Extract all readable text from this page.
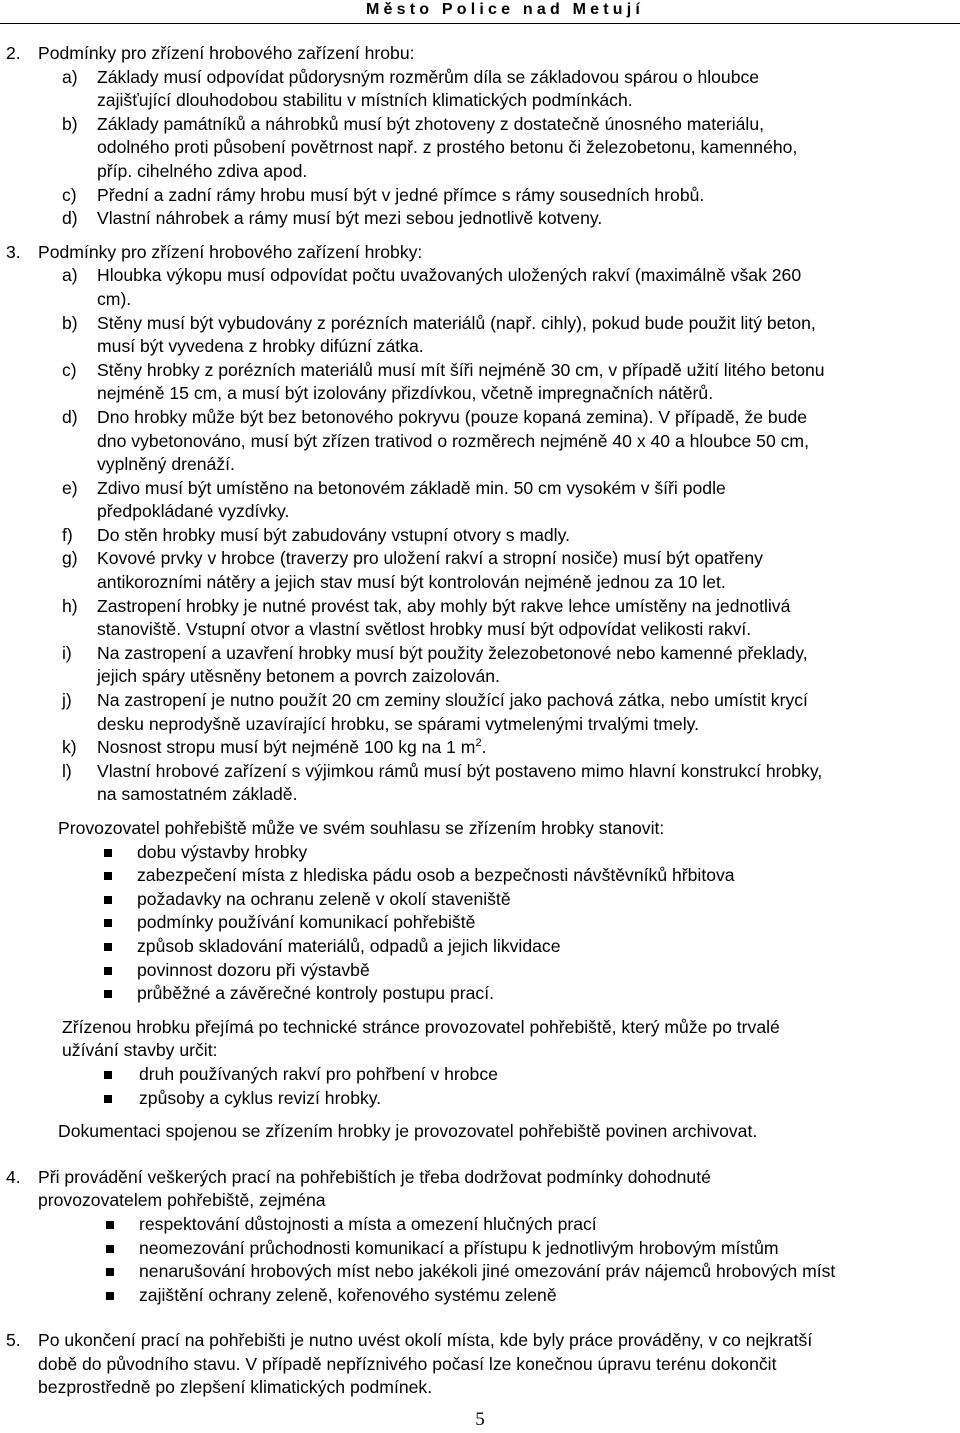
Město Police nad Metují
2. Podmínky pro zřízení hrobového zařízení hrobu:
a) Základy musí odpovídat půdorysným rozměrům díla se základovou spárou o hloubce
zajišťující dlouhodobou stabilitu v místních klimatických podmínkách.
b) Základy památníků a náhrobků musí být zhotoveny z dostatečně únosného materiálu,
odolného proti působení povětrnost např. z prostého betonu či železobetonu, kamenného,
příp. cihelného zdiva apod.
c) Přední a zadní rámy hrobu musí být v jedné přímce s rámy sousedních hrobů.
d) Vlastní náhrobek a rámy musí být mezi sebou jednotlivě kotveny.
3. Podmínky pro zřízení hrobového zařízení hrobky:
a) Hloubka výkopu musí odpovídat počtu uvažovaných uložených rakví (maximálně však 260
cm).
b) Stěny musí být vybudovány z porézních materiálů (např. cihly), pokud bude použit litý beton,
musí být vyvedena z hrobky difúzní zátka.
c) Stěny hrobky z porézních materiálů musí mít šíři nejméně 30 cm, v případě užití litého betonu
nejméně 15 cm, a musí být izolovány přizdívkou, včetně impregnačních nátěrů.
d) Dno hrobky může být bez betonového pokryvu (pouze kopaná zemina). V případě, že bude
dno vybetonováno, musí být zřízen trativod o rozměrech nejméně 40 x 40 a hloubce 50 cm,
vyplněný drenáží.
e) Zdivo musí být umístěno na betonovém základě min. 50 cm vysokém v šíři podle
předpokládané vyzdívky.
f) Do stěn hrobky musí být zabudovány vstupní otvory s madly.
g) Kovové prvky v hrobce (traverzy pro uložení rakví a stropní nosiče) musí být opatřeny
antikorozními nátěry a jejich stav musí být kontrolován nejméně jednou za 10 let.
h) Zastropení hrobky je nutné provést tak, aby mohly být rakve lehce umístěny na jednotlivá
stanoviště. Vstupní otvor a vlastní světlost hrobky musí být odpovídat velikosti rakví.
i) Na zastropení a uzavření hrobky musí být použity železobetonové nebo kamenné překlady,
jejich spáry utěsněny betonem a povrch zaizolován.
j) Na zastropení je nutno použít 20 cm zeminy sloužící jako pachová zátka, nebo umístit krycí
desku neprodyšně uzavírající hrobku, se spárami vytmelenými trvalými tmely.
k) Nosnost stropu musí být nejméně 100 kg na 1 $m^2$.
l) Vlastní hrobové zařízení s výjimkou rámů musí být postaveno mimo hlavní konstrukcí hrobky,
na samostatném základě.
Provozovatel pohřebiště může ve svém souhlasu se zřízením hrobky stanovit:
dobu výstavby hrobky
zabezpečení místa z hlediska pádu osob a bezpečnosti návštěvníků hřbitova
požadavky na ochranu zeleně v okolí staveniště
podmínky používání komunikací pohřebiště
způsob skladování materiálů, odpadů a jejich likvidace
povinnost dozoru při výstavbě
průběžné a závěrečné kontroly postupu prací.
Zřízenou hrobku přejímá po technické stránce provozovatel pohřebiště, který může po trvalé
užívání stavby určit:
druh používaných rakví pro pohřbení v hrobce
způsoby a cyklus revizí hrobky.
Dokumentaci spojenou se zřízením hrobky je provozovatel pohřebiště povinen archivovat.
4. Při provádění veškerých prací na pohřebištích je třeba dodržovat podmínky dohodnuté
provozovatelem pohřebiště, zejména
respektování důstojnosti a místa a omezení hlučných prací
neomezování průchodnosti komunikací a přístupu k jednotlivým hrobovým místům
nenarušování hrobových míst nebo jakékoli jiné omezování práv nájemců hrobových míst
zajištění ochrany zeleně, kořenového systému zeleně
5. Po ukončení prací na pohřebišti je nutno uvést okolí místa, kde byly práce prováděny, v co nejkratší
době do původního stavu. V případě nepříznivého počasí lze konečnou úpravu terénu dokončit
bezprostředně po zlepšení klimatických podmínek.
5
